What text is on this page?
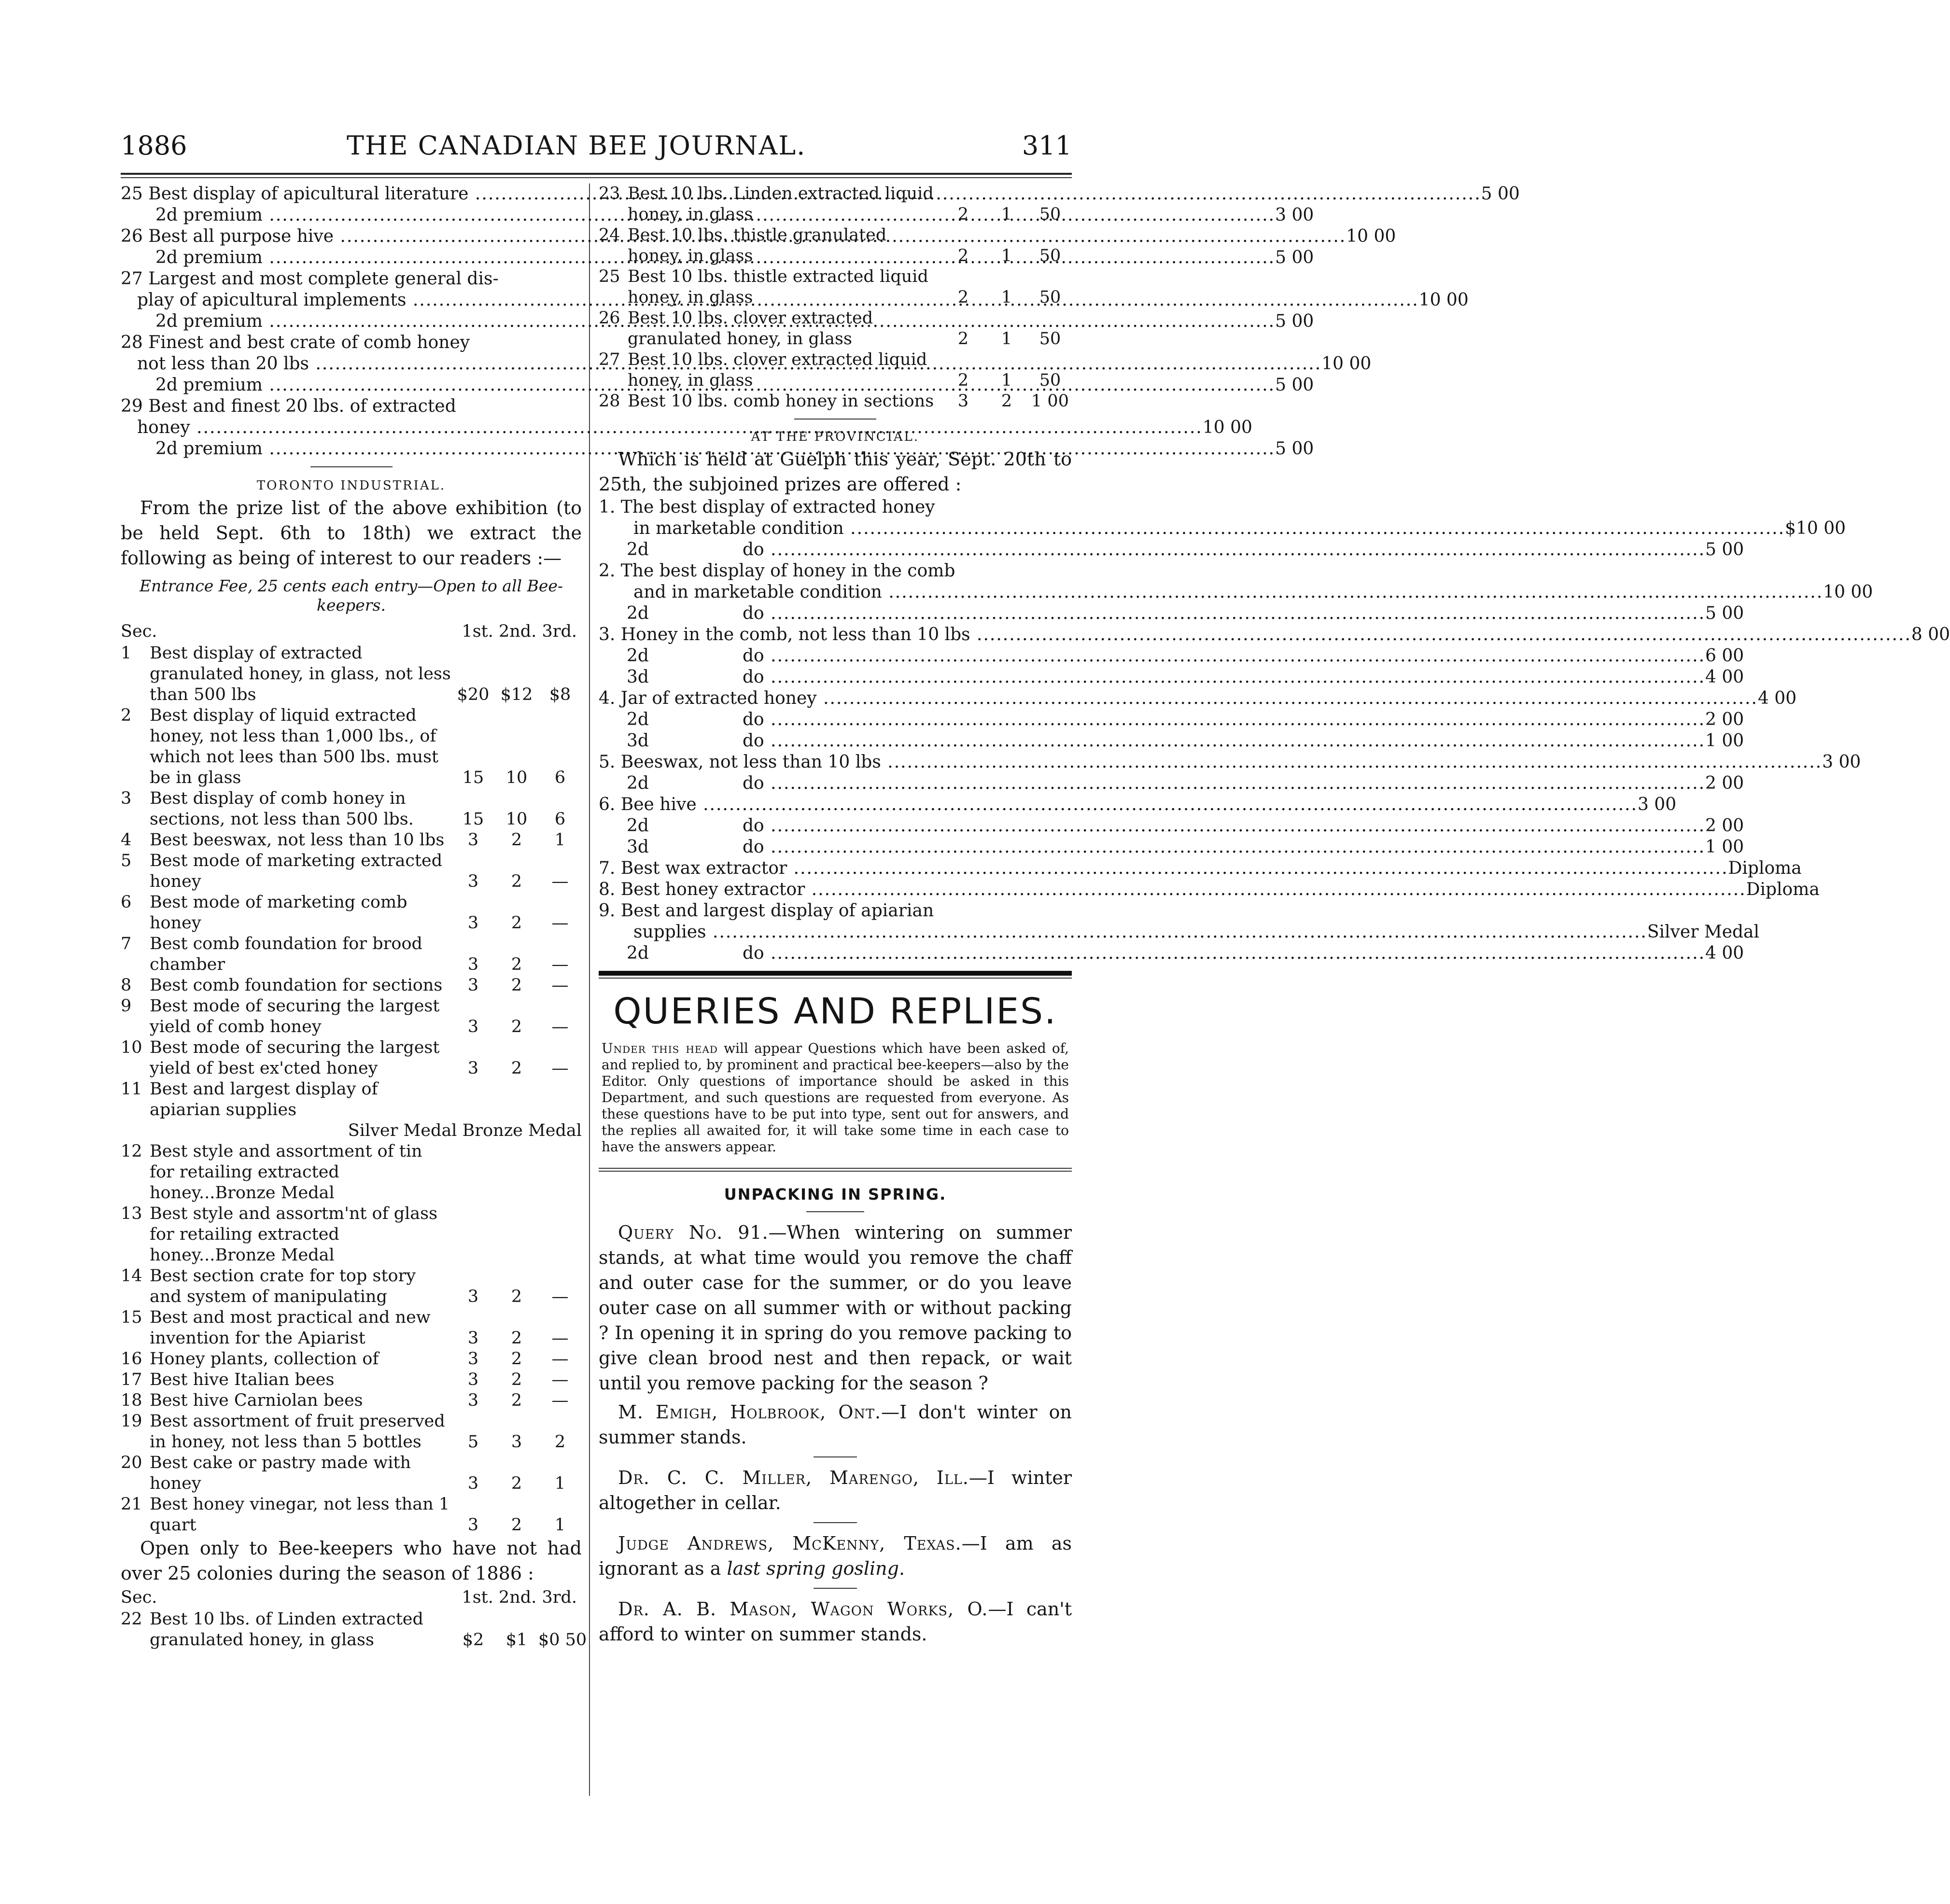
1886	THE CANADIAN BEE JOURNAL.	311
25 Best display of apicultural literature .....	5 00
2d premium .....	3 00
26 Best all purpose hive .....	10 00
2d premium .....	5 00
27 Largest and most complete general dis-
play of apicultural implements .....	10 00
2d premium .....	5 00
28 Finest and best crate of comb honey
not less than 20 lbs .....	10 00
2d premium .....	5 00
29 Best and finest 20 lbs. of extracted
honey .....	10 00
2d premium .....	5 00
TORONTO INDUSTRIAL.
From the prize list of the above exhibition (to be held Sept. 6th to 18th) we extract the following as being of interest to our readers :—
Entrance Fee, 25 cents each entry—Open to all Bee-keepers.
Sec.	1st. 2nd. 3rd.
1	Best display of extracted granulated honey, in glass, not less than 500 lbs	$20 $12 $8
2	Best display of liquid extracted honey, not less than 1,000 lbs., of which not lees than 500 lbs. must be in glass	15	10	6
3	Best display of comb honey in sections, not less than 500 lbs.	15	10	6
4	Best beeswax, not less than 10 lbs	3	2	1
5	Best mode of marketing extracted honey	3	2	—
6	Best mode of marketing comb honey	3	2	—
7	Best comb foundation for brood chamber	3	2	—
8	Best comb foundation for sections	3	2	—
9	Best mode of securing the largest yield of comb honey	3	2	—
10 Best mode of securing the largest yield of best ex'cted honey	3	2	—
11 Best and largest display of apiarian supplies
Silver Medal Bronze Medal
12 Best style and assortment of tin for retailing extracted honey...Bronze Medal
13 Best style and assortm'nt of glass for retailing extracted honey...Bronze Medal
14 Best section crate for top story and system of manipulating	3	2	—
15 Best and most practical and new invention for the Apiarist	3	2	—
16 Honey plants, collection of	3	2	—
17 Best hive Italian bees	3	2	—
18 Best hive Carniolan bees	3	2	—
19 Best assortment of fruit preserved in honey, not less than 5 bottles	5	3	2
20 Best cake or pastry made with honey	3	2	1
21 Best honey vinegar, not less than 1 quart	3	2	1
Open only to Bee-keepers who have not had over 25 colonies during the season of 1886 :
Sec.	1st. 2nd. 3rd.
22 Best 10 lbs. of Linden extracted granulated honey, in glass	$2	$1 $0 50
23 Best 10 lbs. Linden extracted liquid honey, in glass	2	1	50
24 Best 10 lbs. thistle granulated honey, in glass	2	1	50
25 Best 10 lbs. thistle extracted liquid honey, in glass	2	1	50
26 Best 10 lbs. clover extracted granulated honey, in glass	2	1	50
27 Best 10 lbs. clover extracted liquid honey, in glass	2	1	50
28 Best 10 lbs. comb honey in sections	3	2	1 00
AT THE PROVINCIAL.
Which is held at Guelph this year, Sept. 20th to 25th, the subjoined prizes are offered :
1. The best display of extracted honey
in marketable condition .....	$10 00
2d	do .....	5 00
2. The best display of honey in the comb
and in marketable condition .....	10 00
2d	do .....	5 00
3. Honey in the comb, not less than 10 lbs .....	8 00
2d	do .....	6 00
3d	do .....	4 00
4. Jar of extracted honey .....	4 00
2d	do .....	2 00
3d	do .....	1 00
5. Beeswax, not less than 10 lbs .....	3 00
2d	do .....	2 00
6. Bee hive .....	3 00
2d	do .....	2 00
3d	do .....	1 00
7. Best wax extractor .....	Diploma
8. Best honey extractor .....	Diploma
9. Best and largest display of apiarian
supplies .....	Silver Medal
2d	do .....	4 00
QUERIES AND REPLIES.
Under this head will appear Questions which have been asked of, and replied to, by prominent and practical bee-keepers—also by the Editor. Only questions of importance should be asked in this Department, and such questions are requested from everyone. As these questions have to be put into type, sent out for answers, and the replies all awaited for, it will take some time in each case to have the answers appear.
UNPACKING IN SPRING.
Query No. 91.—When wintering on summer stands, at what time would you remove the chaff and outer case for the summer, or do you leave outer case on all summer with or without packing ? In opening it in spring do you remove packing to give clean brood nest and then repack, or wait until you remove packing for the season ?
M. Emigh, Holbrook, Ont.—I don't winter on summer stands.
Dr. C. C. Miller, Marengo, Ill.—I winter altogether in cellar.
Judge Andrews, McKenny, Texas.—I am as ignorant as a last spring gosling.
Dr. A. B. Mason, Wagon Works, O.—I can't afford to winter on summer stands.
